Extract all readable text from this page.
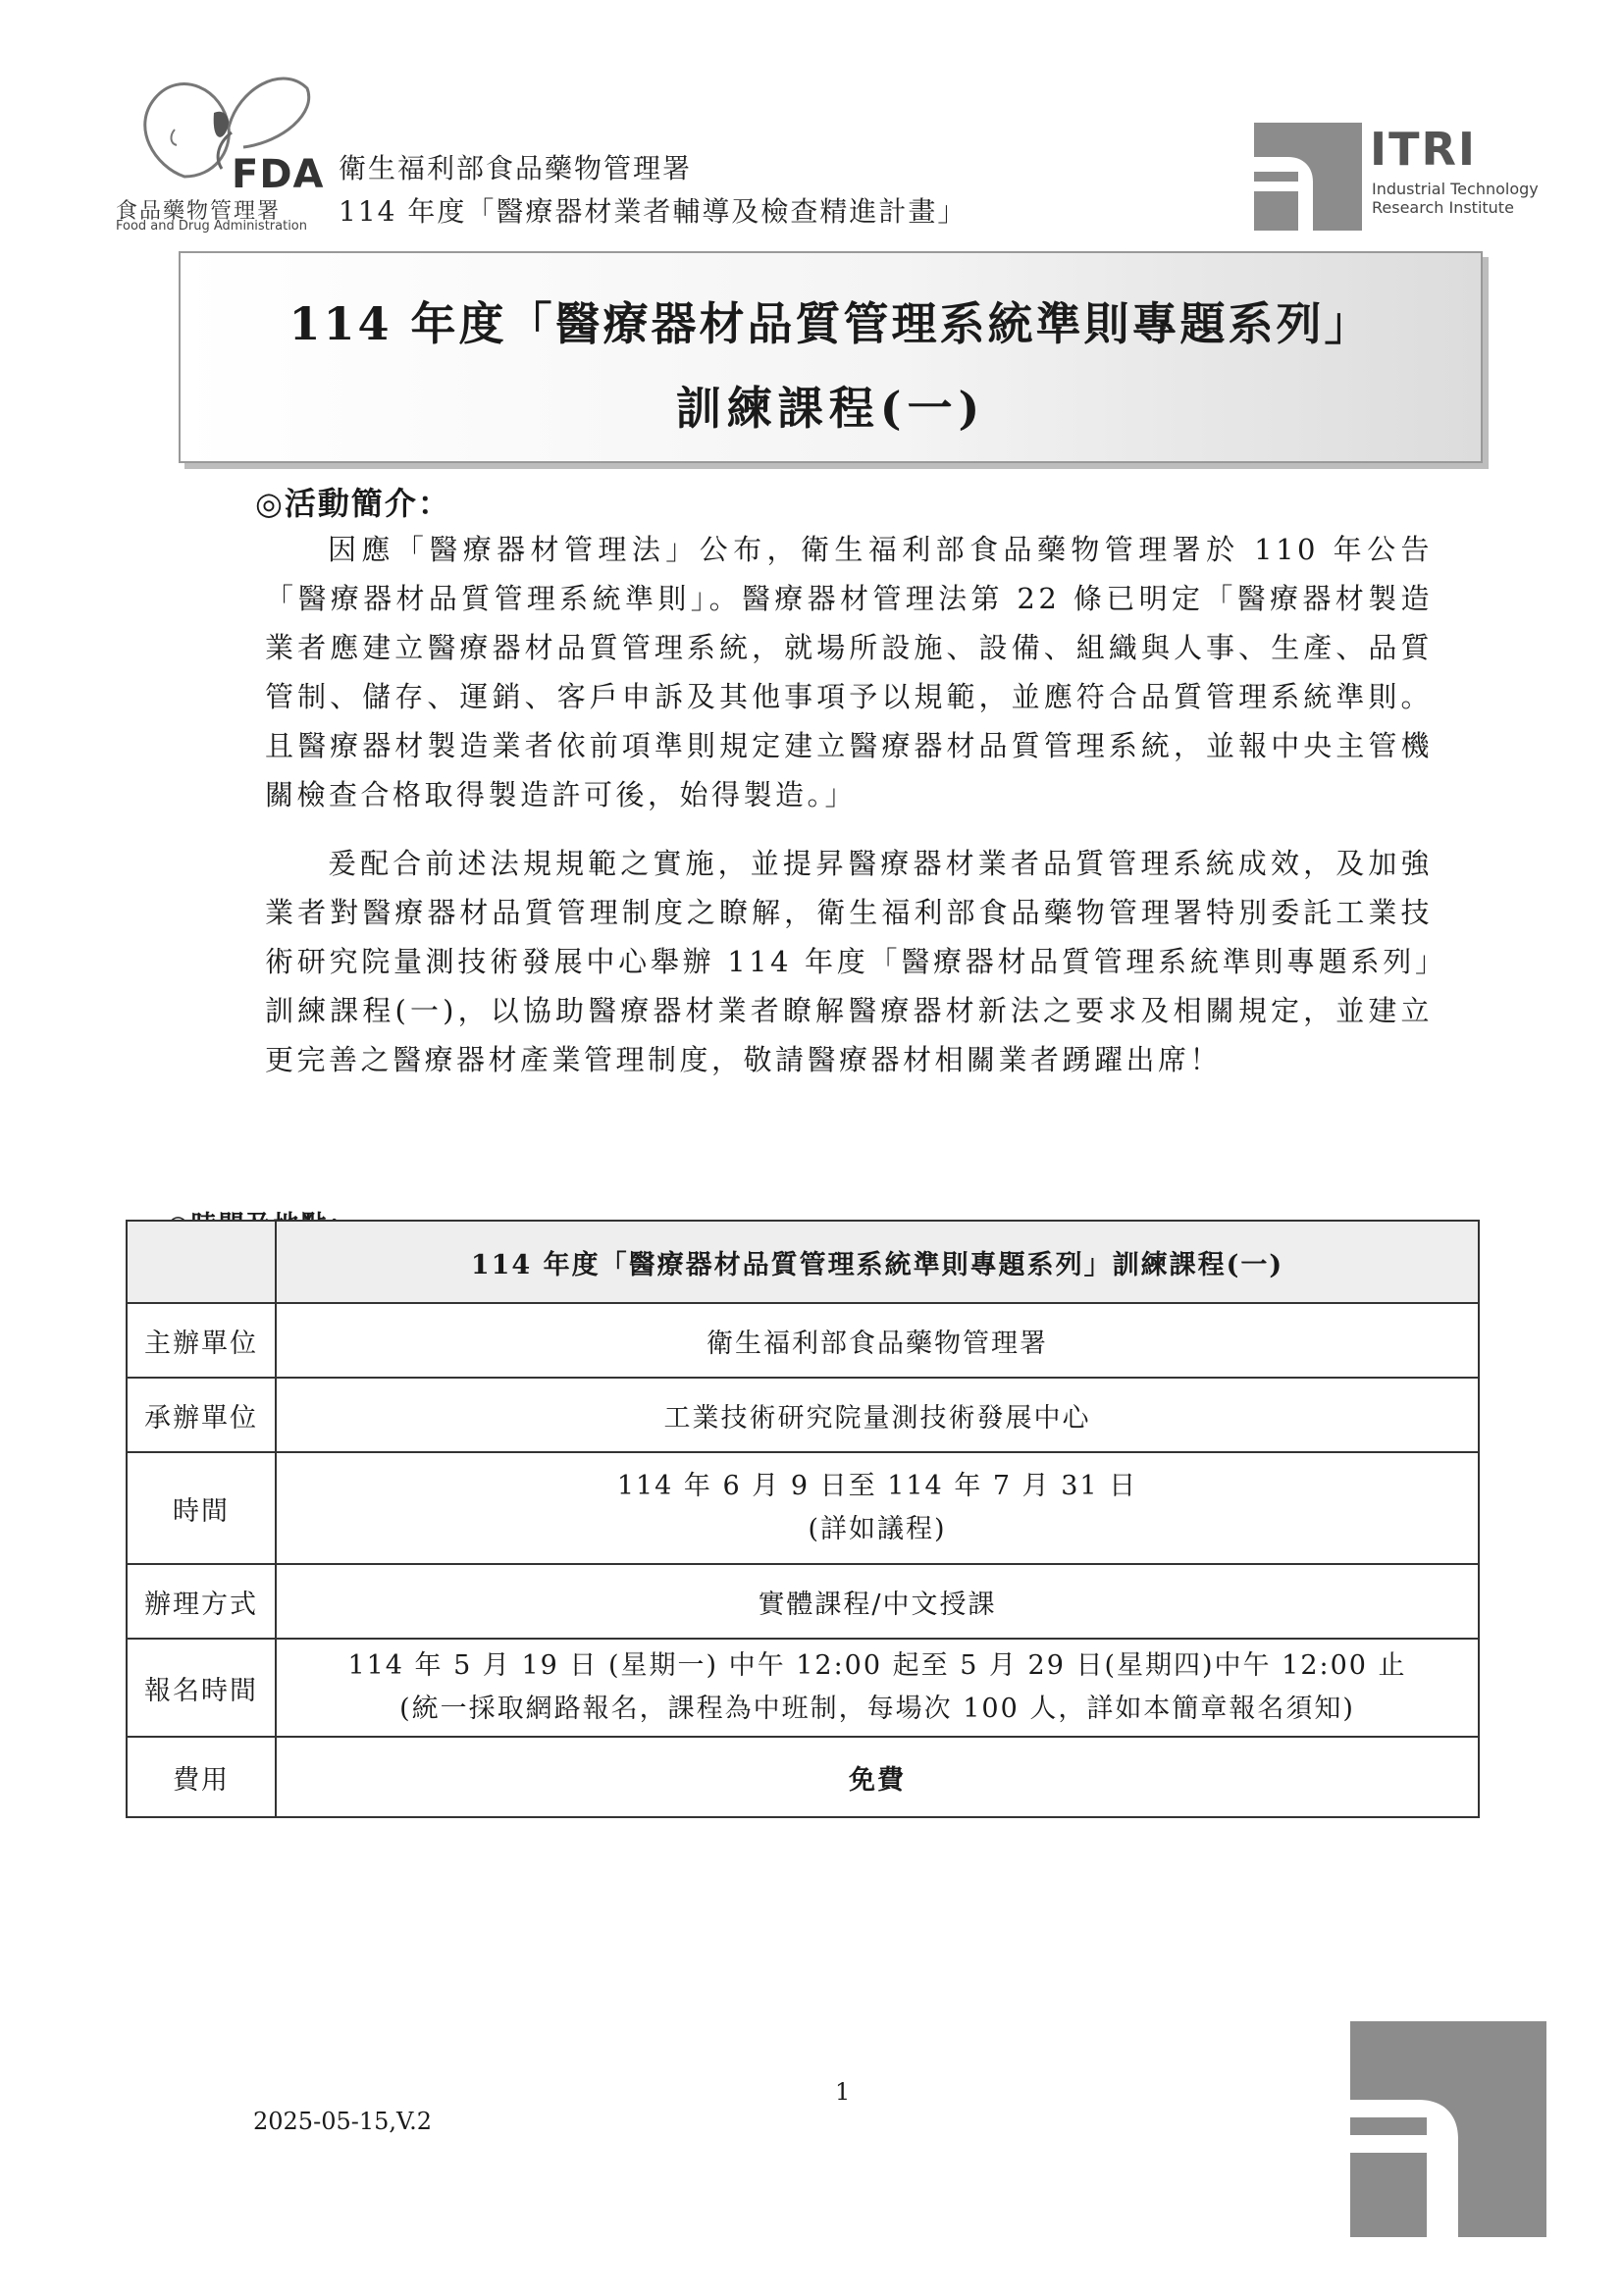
FDA
食品藥物管理署
Food and Drug Administration
衛生福利部食品藥物管理署
114 年度「醫療器材業者輔導及檢查精進計畫」
ITRI
Industrial Technology
Research Institute
114 年度「醫療器材品質管理系統準則專題系列」
訓練課程(一)
◎活動簡介：

因應「醫療器材管理法」公布，衛生福利部食品藥物管理署於 110 年公告「醫療器材品質管理系統準則」。醫療器材管理法第 22 條已明定「醫療器材製造業者應建立醫療器材品質管理系統，就場所設施、設備、組織與人事、生產、品質管制、儲存、運銷、客戶申訴及其他事項予以規範，並應符合品質管理系統準則。且醫療器材製造業者依前項準則規定建立醫療器材品質管理系統，並報中央主管機關檢查合格取得製造許可後，始得製造。」

爰配合前述法規規範之實施，並提昇醫療器材業者品質管理系統成效，及加強業者對醫療器材品質管理制度之瞭解，衛生福利部食品藥物管理署特別委託工業技術研究院量測技術發展中心舉辦 114 年度「醫療器材品質管理系統準則專題系列」訓練課程(一)，以協助醫療器材業者瞭解醫療器材新法之要求及相關規定，並建立更完善之醫療器材產業管理制度，敬請醫療器材相關業者踴躍出席！

	114 年度「醫療器材品質管理系統準則專題系列」訓練課程(一)
主辦單位	衛生福利部食品藥物管理署
承辦單位	工業技術研究院量測技術發展中心
時間	114 年 6 月 9 日至 114 年 7 月 31 日
(詳如議程)

辦理方式	實體課程/中文授課
報名時間	114 年 5 月 19 日 (星期一) 中午 12:00 起至 5 月 29 日(星期四)中午 12:00 止
(統一採取網路報名，課程為中班制，每場次 100 人，詳如本簡章報名須知)

費用	免費
1
2025-05-15,V.2
